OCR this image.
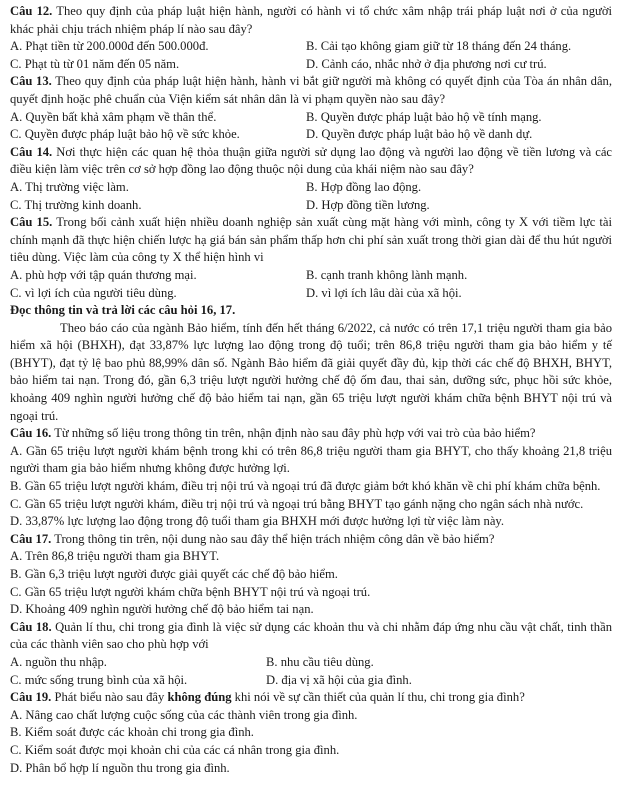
Câu 12. Theo quy định của pháp luật hiện hành, người có hành vi tổ chức xâm nhập trái pháp luật nơi ở của người khác phải chịu trách nhiệm pháp lí nào sau đây?
A. Phạt tiền từ 200.000đ đến 500.000đ.	B. Cải tạo không giam giữ từ 18 tháng đến 24 tháng.
C. Phạt tù từ 01 năm đến 05 năm.	D. Cảnh cáo, nhắc nhở ở địa phương nơi cư trú.
Câu 13. Theo quy định của pháp luật hiện hành, hành vi bắt giữ người mà không có quyết định của Tòa án nhân dân, quyết định hoặc phê chuẩn của Viện kiểm sát nhân dân là vi phạm quyền nào sau đây?
A. Quyền bất khả xâm phạm về thân thể.	B. Quyền được pháp luật bảo hộ về tính mạng.
C. Quyền được pháp luật bảo hộ về sức khỏe.	D. Quyền được pháp luật bảo hộ về danh dự.
Câu 14. Nơi thực hiện các quan hệ thỏa thuận giữa người sử dụng lao động và người lao động về tiền lương và các điều kiện làm việc trên cơ sở hợp đồng lao động thuộc nội dung của khái niệm nào sau đây?
A. Thị trường việc làm.	B. Hợp đồng lao động.
C. Thị trường kinh doanh.	D. Hợp đồng tiền lương.
Câu 15. Trong bối cảnh xuất hiện nhiều doanh nghiệp sản xuất cùng mặt hàng với mình, công ty X với tiềm lực tài chính mạnh đã thực hiện chiến lược hạ giá bán sản phẩm thấp hơn chi phí sản xuất trong thời gian dài để thu hút người tiêu dùng. Việc làm của công ty X thể hiện hình vi
A. phù hợp với tập quán thương mại.	B. cạnh tranh không lành mạnh.
C. vì lợi ích của người tiêu dùng.	D. vì lợi ích lâu dài của xã hội.
Đọc thông tin và trả lời các câu hỏi 16, 17.
Theo báo cáo của ngành Bảo hiểm, tính đến hết tháng 6/2022, cả nước có trên 17,1 triệu người tham gia bảo hiểm xã hội (BHXH), đạt 33,87% lực lượng lao động trong độ tuổi; trên 86,8 triệu người tham gia bảo hiểm y tế (BHYT), đạt tỷ lệ bao phủ 88,99% dân số. Ngành Bảo hiểm đã giải quyết đầy đủ, kịp thời các chế độ BHXH, BHYT, bảo hiểm tai nạn. Trong đó, gần 6,3 triệu lượt người hưởng chế độ ốm đau, thai sản, dưỡng sức, phục hồi sức khỏe, khoảng 409 nghìn người hưởng chế độ bảo hiểm tai nạn, gần 65 triệu lượt người khám chữa bệnh BHYT nội trú và ngoại trú.
Câu 16. Từ những số liệu trong thông tin trên, nhận định nào sau đây phù hợp với vai trò của bảo hiểm?
A. Gần 65 triệu lượt người khám bệnh trong khi có trên 86,8 triệu người tham gia BHYT, cho thấy khoảng 21,8 triệu người tham gia bảo hiểm nhưng không được hưởng lợi.
B. Gần 65 triệu lượt người khám, điều trị nội trú và ngoại trú đã được giảm bớt khó khăn về chi phí khám chữa bệnh.
C. Gần 65 triệu lượt người khám, điều trị nội trú và ngoại trú bằng BHYT tạo gánh nặng cho ngân sách nhà nước.
D. 33,87% lực lượng lao động trong độ tuổi tham gia BHXH mới được hưởng lợi từ việc làm này.
Câu 17. Trong thông tin trên, nội dung nào sau đây thể hiện trách nhiệm công dân về bảo hiểm?
A. Trên 86,8 triệu người tham gia BHYT.
B. Gần 6,3 triệu lượt người được giải quyết các chế độ bảo hiểm.
C. Gần 65 triệu lượt người khám chữa bệnh BHYT nội trú và ngoại trú.
D. Khoảng 409 nghìn người hưởng chế độ bảo hiểm tai nạn.
Câu 18. Quản lí thu, chi trong gia đình là việc sử dụng các khoản thu và chi nhằm đáp ứng nhu cầu vật chất, tinh thần của các thành viên sao cho phù hợp với
A. nguồn thu nhập.	B. nhu cầu tiêu dùng.
C. mức sống trung bình của xã hội.	D. địa vị xã hội của gia đình.
Câu 19. Phát biểu nào sau đây không đúng khi nói về sự cần thiết của quản lí thu, chi trong gia đình?
A. Nâng cao chất lượng cuộc sống của các thành viên trong gia đình.
B. Kiểm soát được các khoản chi trong gia đình.
C. Kiểm soát được mọi khoản chi của các cá nhân trong gia đình.
D. Phân bổ hợp lí nguồn thu trong gia đình.
